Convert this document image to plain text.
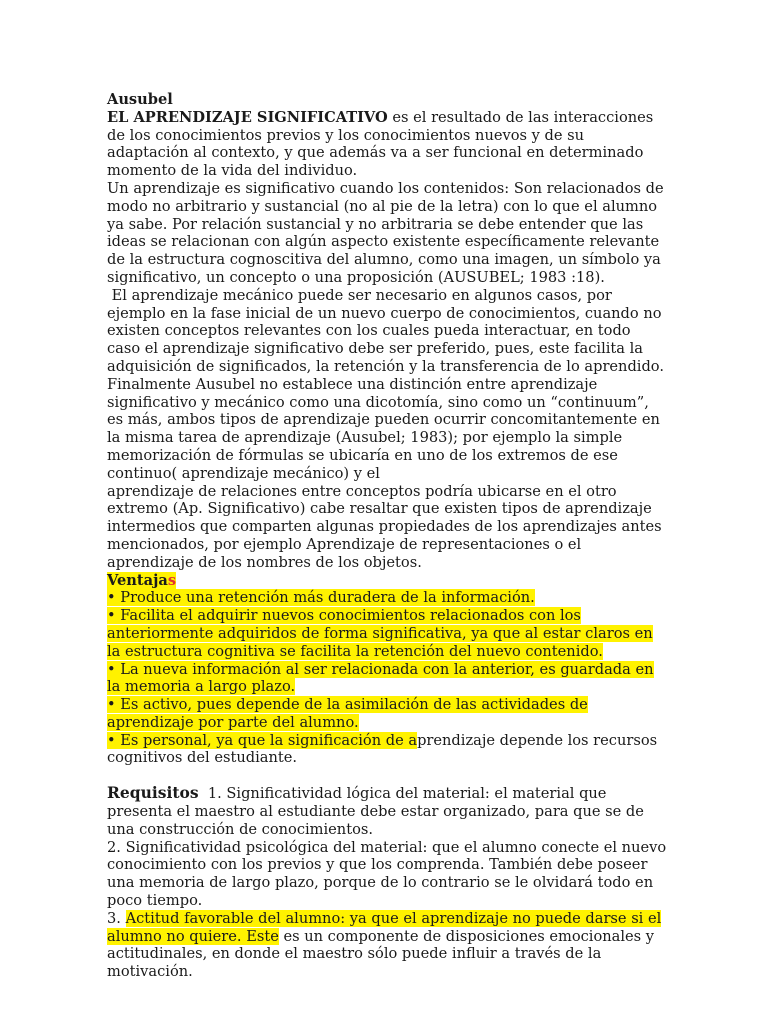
Ausubel

EL APRENDIZAJE SIGNIFICATIVO es el resultado de las interacciones de los conocimientos previos y los conocimientos nuevos y de su adaptación al contexto, y que además va a ser funcional en determinado momento de la vida del individuo.

Un aprendizaje es significativo cuando los contenidos: Son relacionados de modo no arbitrario y sustancial (no al pie de la letra) con lo que el alumno ya sabe. Por relación sustancial y no arbitraria se debe entender que las ideas se relacionan con algún aspecto existente específicamente relevante de la estructura cognoscitiva del alumno, como una imagen, un símbolo ya significativo, un concepto o una proposición (AUSUBEL; 1983 :18).

El aprendizaje mecánico puede ser necesario en algunos casos, por ejemplo en la fase inicial de un nuevo cuerpo de conocimientos, cuando no existen conceptos relevantes con los cuales pueda interactuar, en todo caso el aprendizaje significativo debe ser preferido, pues, este facilita la adquisición de significados, la retención y la transferencia de lo aprendido.

Finalmente Ausubel no establece una distinción entre aprendizaje significativo y mecánico como una dicotomía, sino como un “continuum”, es más, ambos tipos de aprendizaje pueden ocurrir concomitantemente en la misma tarea de aprendizaje (Ausubel; 1983); por ejemplo la simple memorización de fórmulas se ubicaría en uno de los extremos de ese continuo( aprendizaje mecánico) y el

aprendizaje de relaciones entre conceptos podría ubicarse en el otro extremo (Ap. Significativo) cabe resaltar que existen tipos de aprendizaje intermedios que comparten algunas propiedades de los aprendizajes antes mencionados, por ejemplo Aprendizaje de representaciones o el aprendizaje de los nombres de los objetos.

Ventajas

• Produce una retención más duradera de la información.

• Facilita el adquirir nuevos conocimientos relacionados con los anteriormente adquiridos de forma significativa, ya que al estar claros en la estructura cognitiva se facilita la retención del nuevo contenido.

• La nueva información al ser relacionada con la anterior, es guardada en la memoria a largo plazo.

• Es activo, pues depende de la asimilación de las actividades de aprendizaje por parte del alumno.

• Es personal, ya que la significación de aprendizaje depende los recursos cognitivos del estudiante.

Requisitos  1. Significatividad lógica del material: el material que presenta el maestro al estudiante debe estar organizado, para que se de una construcción de conocimientos.

2. Significatividad psicológica del material: que el alumno conecte el nuevo conocimiento con los previos y que los comprenda. También debe poseer una memoria de largo plazo, porque de lo contrario se le olvidará todo en poco tiempo.

3. Actitud favorable del alumno: ya que el aprendizaje no puede darse si el alumno no quiere. Este es un componente de disposiciones emocionales y actitudinales, en donde el maestro sólo puede influir a través de la motivación.
